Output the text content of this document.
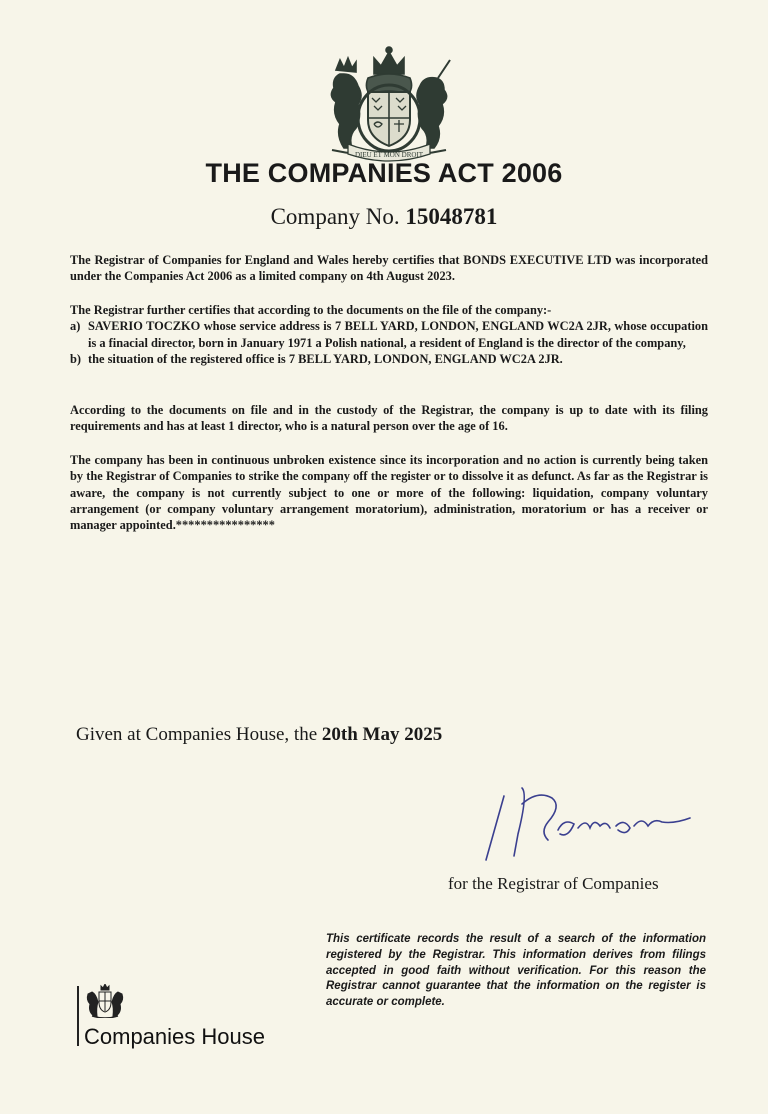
DIEU ET MON DROIT
THE COMPANIES ACT 2006
Company No. 15048781
The Registrar of Companies for England and Wales hereby certifies that BONDS EXECUTIVE LTD was incorporated under the Companies Act 2006 as a limited company on 4th August 2023.
The Registrar further certifies that according to the documents on the file of the company:-
a) SAVERIO TOCZKO whose service address is 7 BELL YARD, LONDON, ENGLAND WC2A 2JR, whose occupation is a finacial director, born in January 1971 a Polish national, a resident of England is the director of the company,
b) the situation of the registered office is 7 BELL YARD, LONDON, ENGLAND WC2A 2JR.
According to the documents on file and in the custody of the Registrar, the company is up to date with its filing requirements and has at least 1 director, who is a natural person over the age of 16.
The company has been in continuous unbroken existence since its incorporation and no action is currently being taken by the Registrar of Companies to strike the company off the register or to dissolve it as defunct. As far as the Registrar is aware, the company is not currently subject to one or more of the following: liquidation, company voluntary arrangement (or company voluntary arrangement moratorium), administration, moratorium or has a receiver or manager appointed.****************
Given at Companies House, the 20th May 2025
for the Registrar of Companies
This certificate records the result of a search of the information registered by the Registrar. This information derives from filings accepted in good faith without verification. For this reason the Registrar cannot guarantee that the information on the register is accurate or complete.
Companies House
